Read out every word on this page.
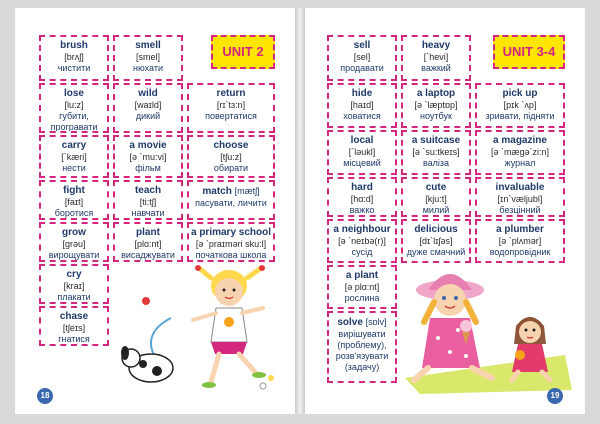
UNIT 2
brush
[brʌʃ]
чистити
smell
[smel]
нюхати
lose
[lu:z]
губити, програвати
wild
[waɪld]
дикий
return
[rɪ`tɜ:n]
повертатися
carry
[`kæri]
нести
a movie
[ə `mu:vi]
фільм
choose
[tʃu:z]
обирати
fight
[faɪt]
боротися
teach
[ti:tʃ]
навчати
match [mætʃ]
пасувати, личити
grow
[grəu]
вирощувати
plant
[plɑ:nt]
висаджувати
a primary school
[ə `praɪməri sku:l]
початкова школа
cry
[kraɪ]
плакати
chase
[tʃeɪs]
гнатися
18
UNIT 3-4
sell
[sel]
продавати
heavy
[`hevi]
важкий
hide
[haɪd]
ховатися
a laptop
[ə `læptɒp]
ноутбук
pick up
[pɪk `ʌp]
зривати, підняти
local
[`ləukl]
місцевий
a suitcase
[ə `su:tkeɪs]
валіза
a magazine
[ə `mægə`zi:n]
журнал
hard
[hɑ:d]
важко
cute
[kju:t]
милий
invaluable
[ɪn`væljubl]
безцінний
a neighbour
[ə `neɪbə(r)]
сусід
delicious
[dɪ`lɪʃəs]
дуже смачний
a plumber
[ə `plʌmər]
водопровідник
a plant
[ə plɑ:nt]
рослина
solve [sɒlv]
вирішувати (проблему), розв'язувати (задачу)
19
